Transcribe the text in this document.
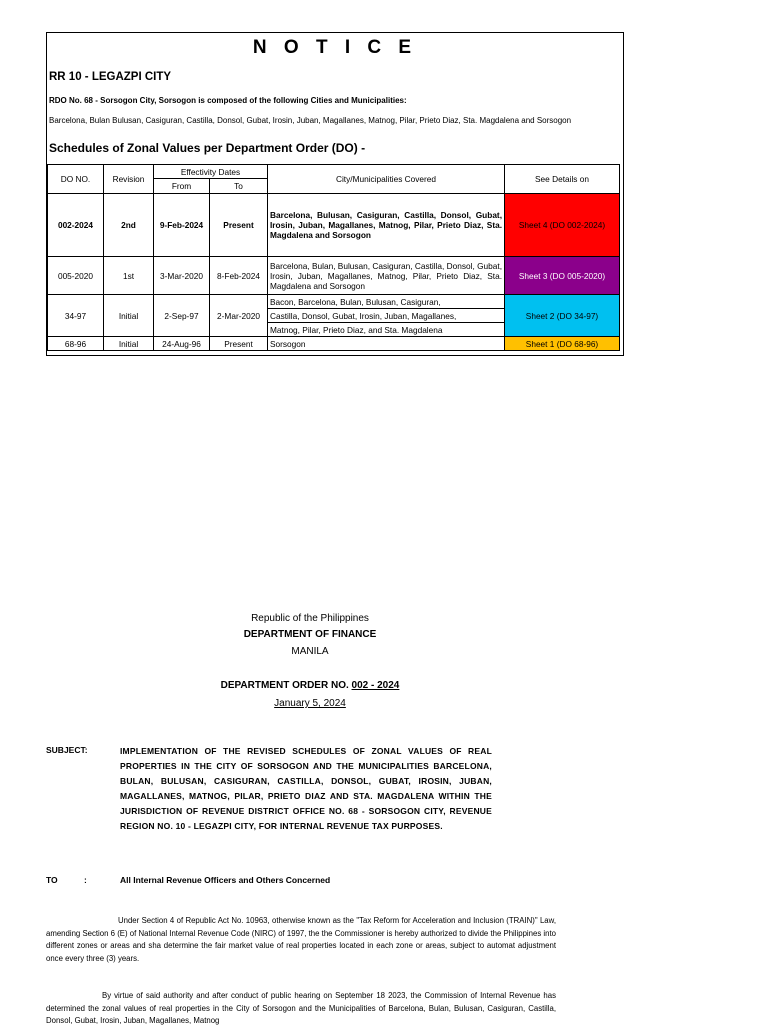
N O T I C E
RR 10 - LEGAZPI CITY
RDO No. 68 - Sorsogon City, Sorsogon is composed of the following Cities and Municipalities:
Barcelona, Bulan Bulusan, Casiguran, Castilla, Donsol, Gubat, Irosin, Juban, Magallanes, Matnog, Pilar, Prieto Diaz, Sta. Magdalena and Sorsogon
Schedules of Zonal Values per Department Order (DO) -
DO NO.	Revision	Effectivity Dates		City/Municipalities Covered	See Details on
		From	To		
002-2024	2nd	9-Feb-2024	Present	Barcelona, Bulusan, Casiguran, Castilla, Donsol, Gubat, Irosin, Juban, Magallanes, Matnog, Pilar, Prieto Diaz, Sta. Magdalena and Sorsogon	Sheet 4 (DO 002-2024)
005-2020	1st	3-Mar-2020	8-Feb-2024	Barcelona, Bulan, Bulusan, Casiguran, Castilla, Donsol, Gubat, Irosin, Juban, Magallanes, Matnog, Pilar, Prieto Diaz, Sta. Magdalena and Sorsogon	Sheet 3 (DO 005-2020)
34-97	Initial	2-Sep-97	2-Mar-2020	Bacon, Barcelona, Bulan, Bulusan, Casiguran,	Sheet 2 (DO 34-97)
				Castilla, Donsol, Gubat, Irosin, Juban, Magallanes,	
				Matnog, Pilar, Prieto Diaz, and Sta. Magdalena	
68-96	Initial	24-Aug-96	Present	Sorsogon	Sheet 1 (DO 68-96)
Republic of the Philippines
DEPARTMENT OF FINANCE
MANILA
DEPARTMENT ORDER NO. 002 - 2024
January 5, 2024
SUBJECT:	IMPLEMENTATION OF THE REVISED SCHEDULES OF ZONAL VALUES OF REAL PROPERTIES IN THE CITY OF SORSOGON AND THE MUNICIPALITIES BARCELONA, BULAN, BULUSAN, CASIGURAN, CASTILLA, DONSOL, GUBAT, IROSIN, JUBAN, MAGALLANES, MATNOG, PILAR, PRIETO DIAZ AND STA. MAGDALENA WITHIN THE JURISDICTION OF REVENUE DISTRICT OFFICE NO. 68 - SORSOGON CITY, REVENUE REGION NO. 10 - LEGAZPI CITY, FOR INTERNAL REVENUE TAX PURPOSES.
TO	:	All Internal Revenue Officers and Others Concerned
Under Section 4 of Republic Act No. 10963, otherwise known as the "Tax Reform for Acceleration and Inclusion (TRAIN)" Law, amending Section 6 (E) of National Internal Revenue Code (NIRC) of 1997, the the Commissioner is hereby authorized to divide the Philippines into different zones or areas and sha determine the fair market value of real properties located in each zone or areas, subject to automat adjustment once every three (3) years.
By virtue of said authority and after conduct of public hearing on September 18 2023, the Commission of Internal Revenue has determined the zonal values of real properties in the City of Sorsogon and the Municipalities of Barcelona, Bulan, Bulusan, Casiguran, Castilla, Donsol, Gubat, Irosin, Juban, Magallanes, Matnog
